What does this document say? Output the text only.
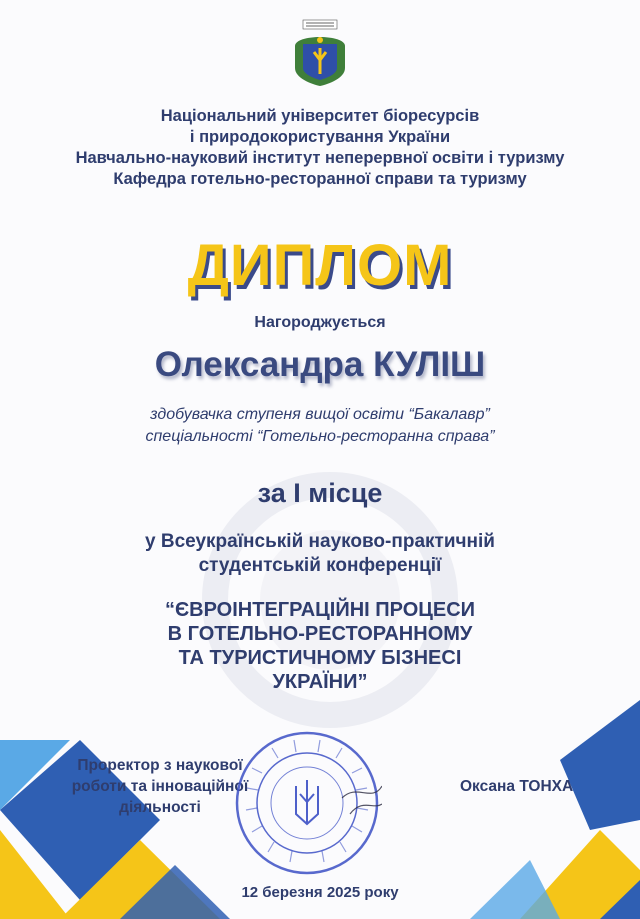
Національний університет біоресурсів
і природокористування України
Навчально-науковий інститут неперервної освіти і туризму
Кафедра готельно-ресторанної справи та туризму
ДИПЛОМ
Нагороджується
Олександра КУЛІШ
здобувачка ступеня вищої освіти “Бакалавр”
спеціальності “Готельно-ресторанна справа”
за І місце
у Всеукраїнській науково-практичній
студентській конференції
“ЄВРОІНТЕГРАЦІЙНІ ПРОЦЕСИ
В ГОТЕЛЬНО-РЕСТОРАННОМУ
ТА ТУРИСТИЧНОМУ БІЗНЕСІ
УКРАЇНИ”
Проректор з наукової
роботи та інноваційної
діяльності
Оксана ТОНХА
12 березня 2025 року
